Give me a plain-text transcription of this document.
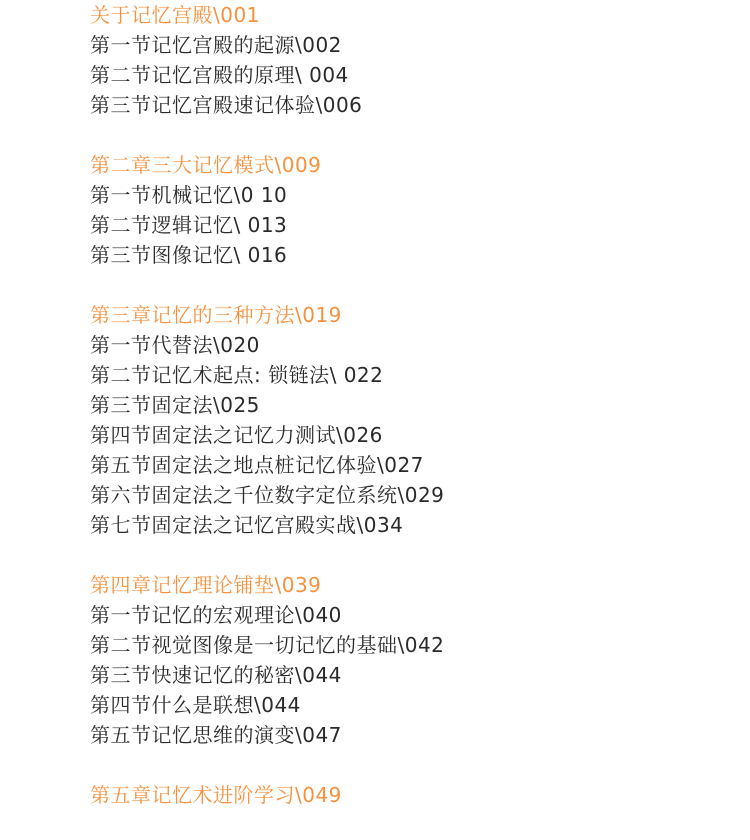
关于记忆宫殿\001
第一节记忆宫殿的起源\002
第二节记忆宫殿的原理\ 004
第三节记忆宫殿速记体验\006
第二章三大记忆模式\009
第一节机械记忆\0 10
第二节逻辑记忆\ 013
第三节图像记忆\ 016
第三章记忆的三种方法\019
第一节代替法\020
第二节记忆术起点: 锁链法\ 022
第三节固定法\025
第四节固定法之记忆力测试\026
第五节固定法之地点桩记忆体验\027
第六节固定法之千位数字定位系统\029
第七节固定法之记忆宫殿实战\034
第四章记忆理论铺垫\039
第一节记忆的宏观理论\040
第二节视觉图像是一切记忆的基础\042
第三节快速记忆的秘密\044
第四节什么是联想\044
第五节记忆思维的演变\047
第五章记忆术进阶学习\049
